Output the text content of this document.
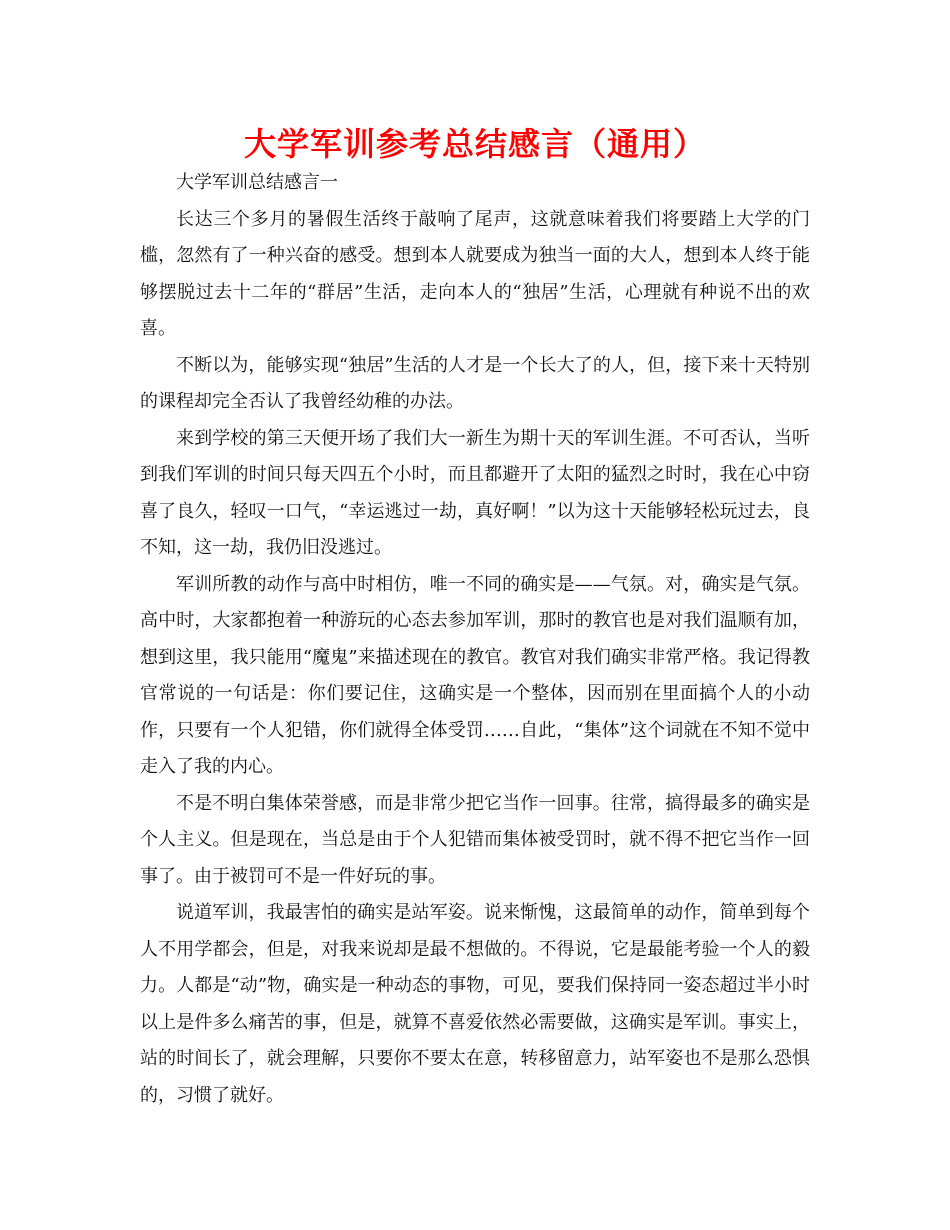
大学军训参考总结感言（通用）

大学军训总结感言一

长达三个多月的暑假生活终于敲响了尾声，这就意味着我们将要踏上大学的门槛，忽然有了一种兴奋的感受。想到本人就要成为独当一面的大人，想到本人终于能够摆脱过去十二年的“群居”生活，走向本人的“独居”生活，心理就有种说不出的欢喜。

不断以为，能够实现“独居”生活的人才是一个长大了的人，但，接下来十天特别的课程却完全否认了我曾经幼稚的办法。

来到学校的第三天便开场了我们大一新生为期十天的军训生涯。不可否认，当听到我们军训的时间只每天四五个小时，而且都避开了太阳的猛烈之时时，我在心中窃喜了良久，轻叹一口气，“幸运逃过一劫，真好啊！”以为这十天能够轻松玩过去，良不知，这一劫，我仍旧没逃过。

军训所教的动作与高中时相仿，唯一不同的确实是——气氛。对，确实是气氛。高中时，大家都抱着一种游玩的心态去参加军训，那时的教官也是对我们温顺有加，想到这里，我只能用“魔鬼”来描述现在的教官。教官对我们确实非常严格。我记得教官常说的一句话是：你们要记住，这确实是一个整体，因而别在里面搞个人的小动作，只要有一个人犯错，你们就得全体受罚……自此，“集体”这个词就在不知不觉中走入了我的内心。

不是不明白集体荣誉感，而是非常少把它当作一回事。往常，搞得最多的确实是个人主义。但是现在，当总是由于个人犯错而集体被受罚时，就不得不把它当作一回事了。由于被罚可不是一件好玩的事。

说道军训，我最害怕的确实是站军姿。说来惭愧，这最简单的动作，简单到每个人不用学都会，但是，对我来说却是最不想做的。不得说，它是最能考验一个人的毅力。人都是“动”物，确实是一种动态的事物，可见，要我们保持同一姿态超过半小时以上是件多么痛苦的事，但是，就算不喜爱依然必需要做，这确实是军训。事实上，站的时间长了，就会理解，只要你不要太在意，转移留意力，站军姿也不是那么恐惧的，习惯了就好。
